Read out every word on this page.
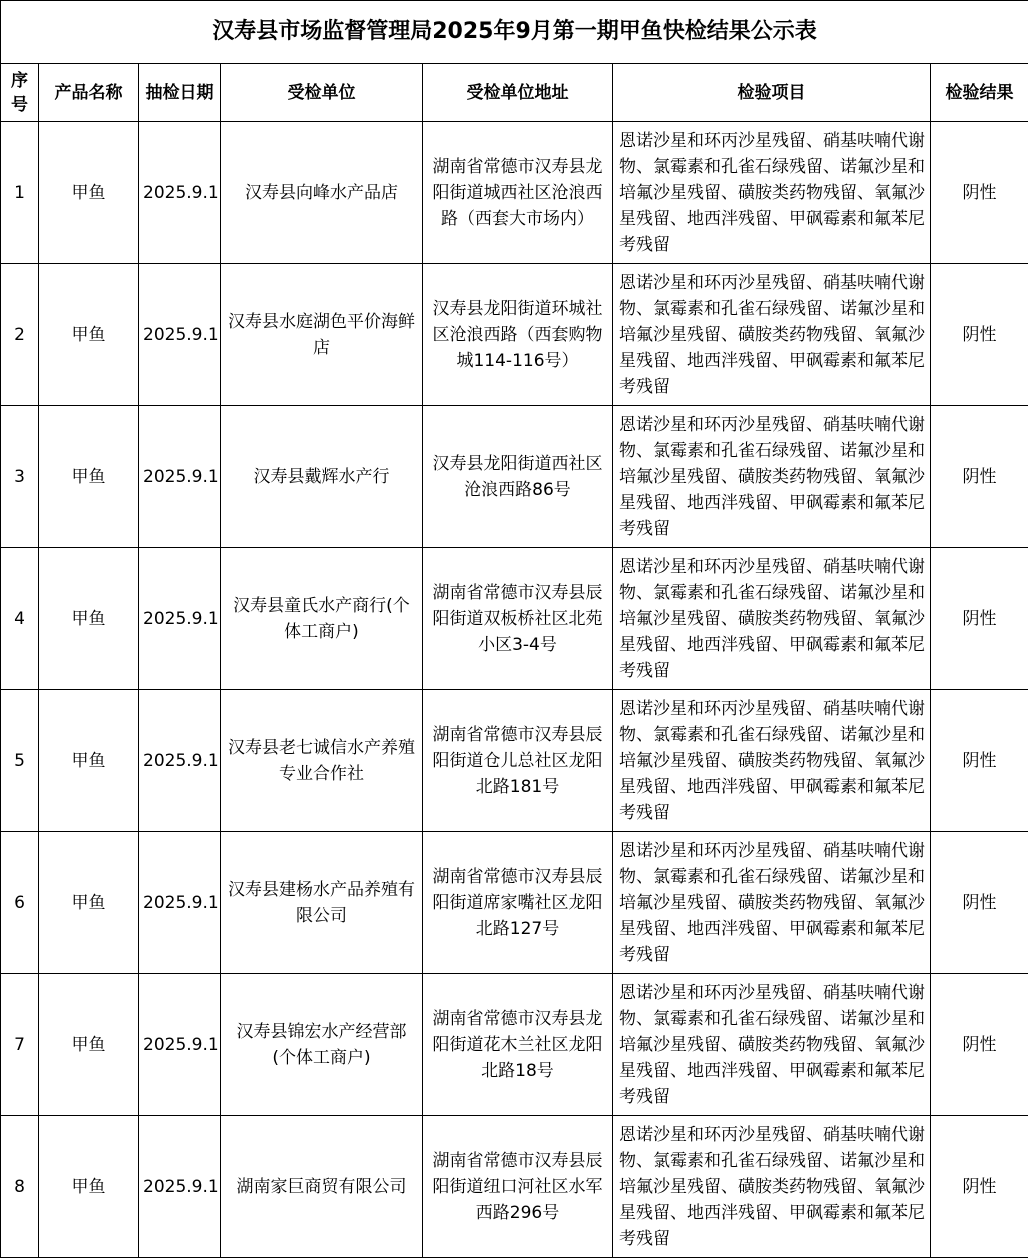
汉寿县市场监督管理局2025年9月第一期甲鱼快检结果公示表						
序号	产品名称	抽检日期	受检单位	受检单位地址	检验项目	检验结果
1	甲鱼	2025.9.1	汉寿县向峰水产品店	湖南省常德市汉寿县龙阳街道城西社区沧浪西路（西套大市场内）	恩诺沙星和环丙沙星残留、硝基呋喃代谢物、氯霉素和孔雀石绿残留、诺氟沙星和培氟沙星残留、磺胺类药物残留、氧氟沙星残留、地西泮残留、甲砜霉素和氟苯尼考残留	阴性
2	甲鱼	2025.9.1	汉寿县水庭湖色平价海鲜店	汉寿县龙阳街道环城社区沧浪西路（西套购物城114-116号）	恩诺沙星和环丙沙星残留、硝基呋喃代谢物、氯霉素和孔雀石绿残留、诺氟沙星和培氟沙星残留、磺胺类药物残留、氧氟沙星残留、地西泮残留、甲砜霉素和氟苯尼考残留	阴性
3	甲鱼	2025.9.1	汉寿县戴辉水产行	汉寿县龙阳街道西社区沧浪西路86号	恩诺沙星和环丙沙星残留、硝基呋喃代谢物、氯霉素和孔雀石绿残留、诺氟沙星和培氟沙星残留、磺胺类药物残留、氧氟沙星残留、地西泮残留、甲砜霉素和氟苯尼考残留	阴性
4	甲鱼	2025.9.1	汉寿县童氏水产商行(个体工商户)	湖南省常德市汉寿县辰阳街道双板桥社区北苑小区3-4号	恩诺沙星和环丙沙星残留、硝基呋喃代谢物、氯霉素和孔雀石绿残留、诺氟沙星和培氟沙星残留、磺胺类药物残留、氧氟沙星残留、地西泮残留、甲砜霉素和氟苯尼考残留	阴性
5	甲鱼	2025.9.1	汉寿县老七诚信水产养殖专业合作社	湖南省常德市汉寿县辰阳街道仓儿总社区龙阳北路181号	恩诺沙星和环丙沙星残留、硝基呋喃代谢物、氯霉素和孔雀石绿残留、诺氟沙星和培氟沙星残留、磺胺类药物残留、氧氟沙星残留、地西泮残留、甲砜霉素和氟苯尼考残留	阴性
6	甲鱼	2025.9.1	汉寿县建杨水产品养殖有限公司	湖南省常德市汉寿县辰阳街道席家嘴社区龙阳北路127号	恩诺沙星和环丙沙星残留、硝基呋喃代谢物、氯霉素和孔雀石绿残留、诺氟沙星和培氟沙星残留、磺胺类药物残留、氧氟沙星残留、地西泮残留、甲砜霉素和氟苯尼考残留	阴性
7	甲鱼	2025.9.1	汉寿县锦宏水产经营部(个体工商户)	湖南省常德市汉寿县龙阳街道花木兰社区龙阳北路18号	恩诺沙星和环丙沙星残留、硝基呋喃代谢物、氯霉素和孔雀石绿残留、诺氟沙星和培氟沙星残留、磺胺类药物残留、氧氟沙星残留、地西泮残留、甲砜霉素和氟苯尼考残留	阴性
8	甲鱼	2025.9.1	湖南家巨商贸有限公司	湖南省常德市汉寿县辰阳街道纽口河社区水军西路296号	恩诺沙星和环丙沙星残留、硝基呋喃代谢物、氯霉素和孔雀石绿残留、诺氟沙星和培氟沙星残留、磺胺类药物残留、氧氟沙星残留、地西泮残留、甲砜霉素和氟苯尼考残留	阴性
